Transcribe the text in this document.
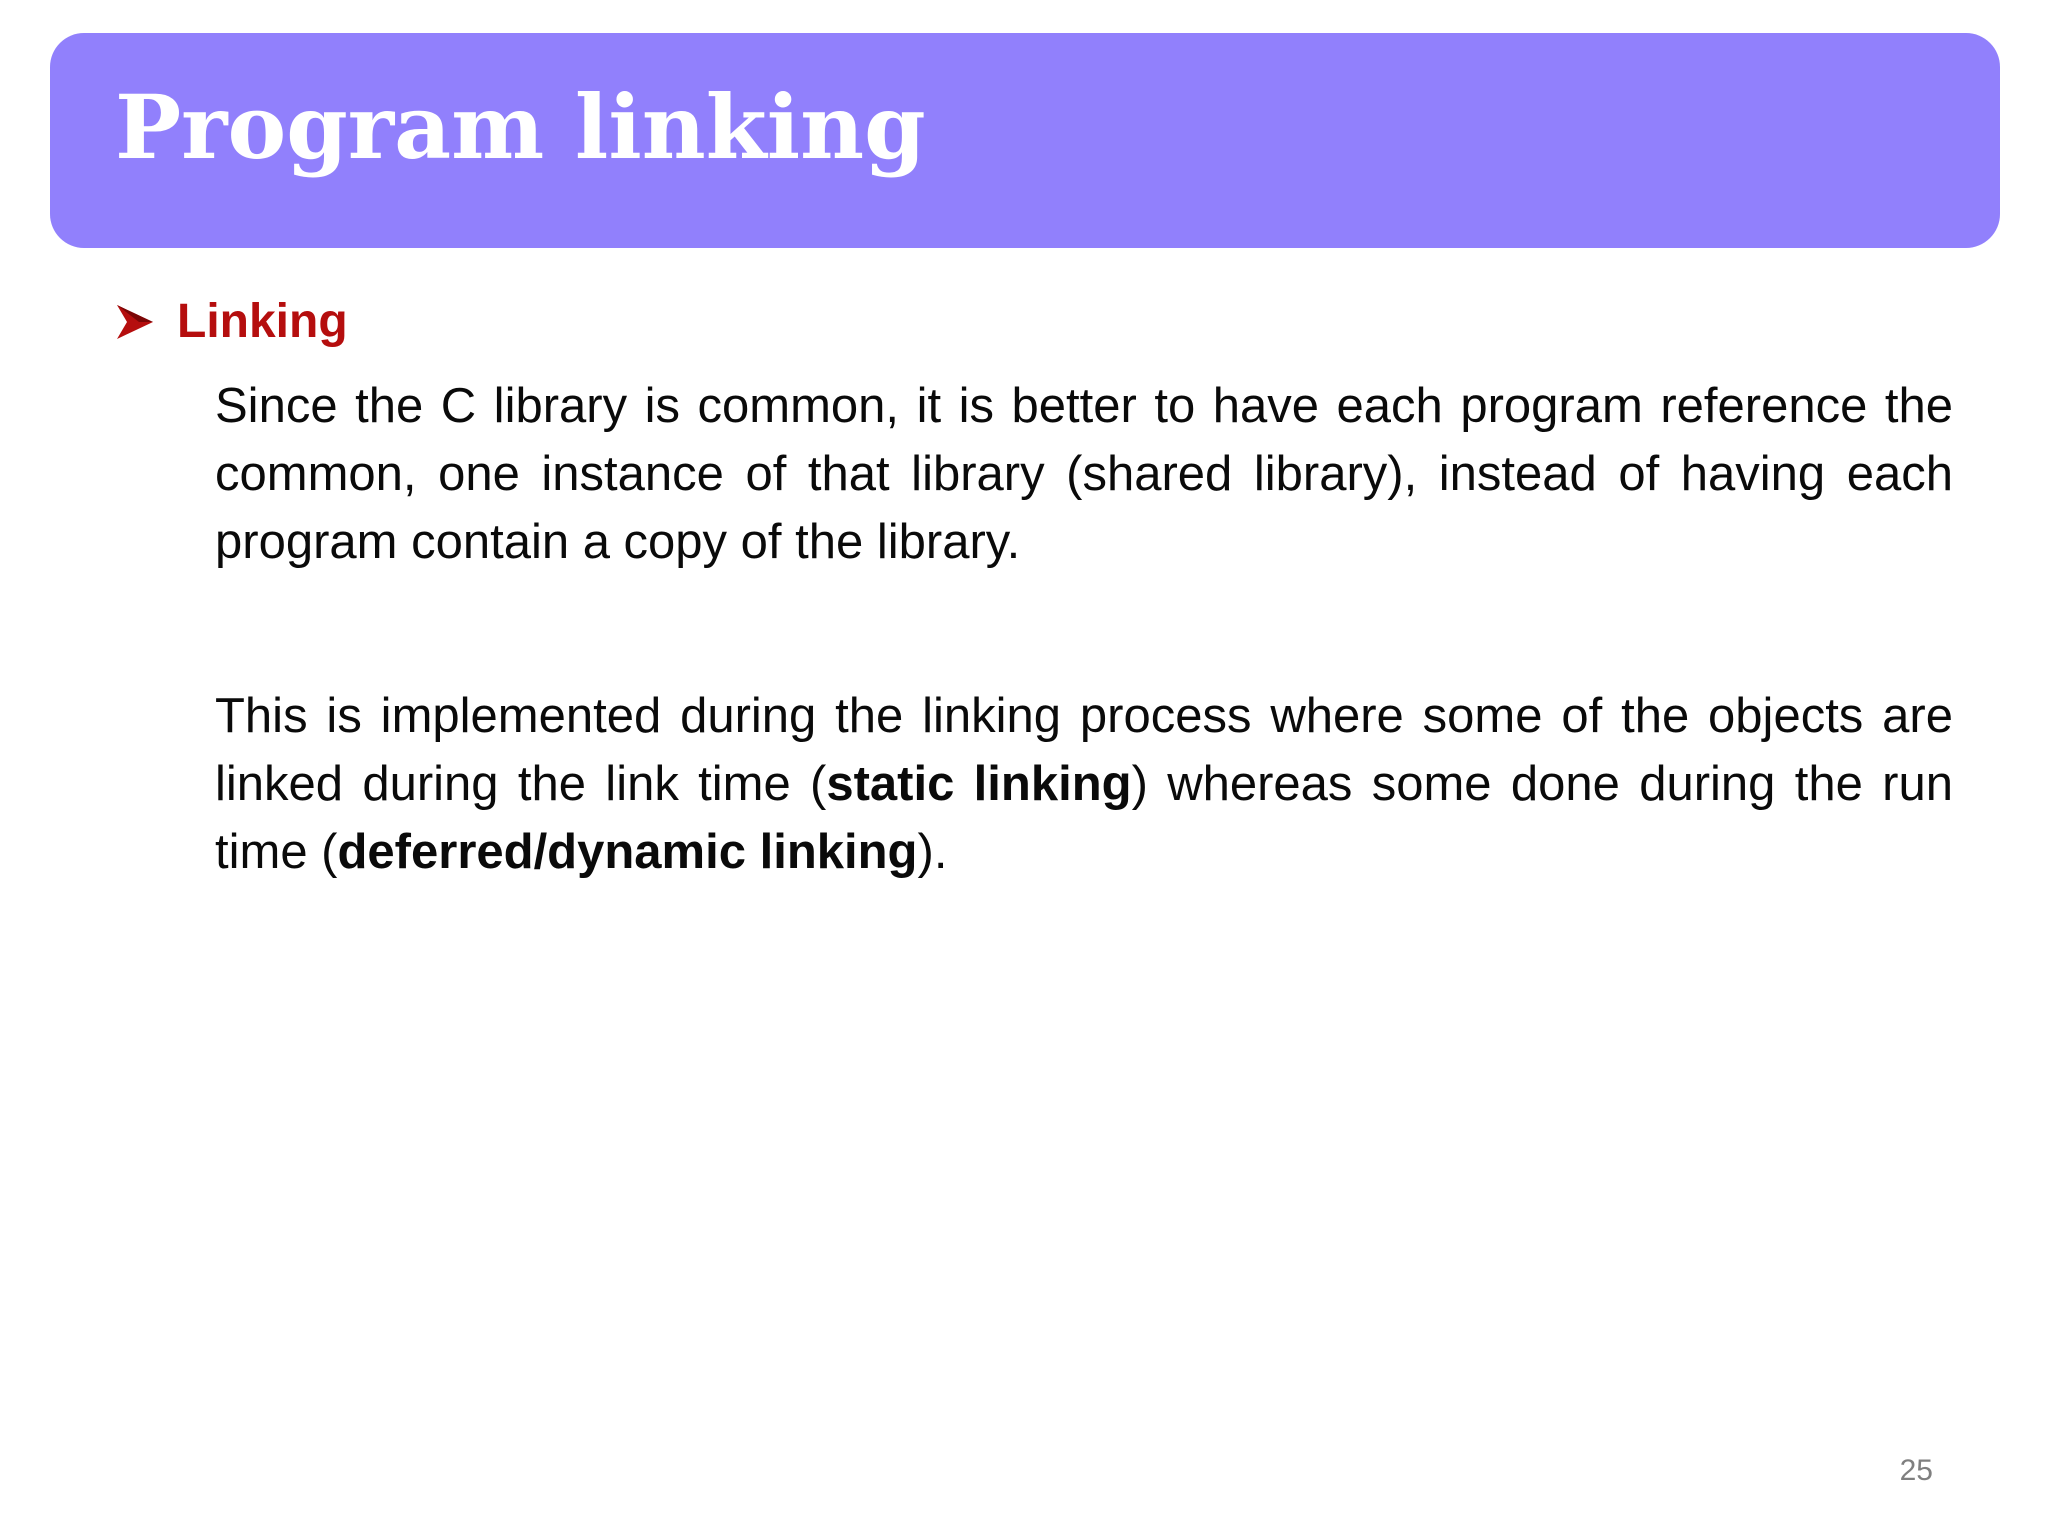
Program linking
Linking

Since the C library is common, it is better to have each program reference the common, one instance of that library (shared library), instead of having each program contain a copy of the library.

This is implemented during the linking process where some of the objects are linked during the link time (static linking) whereas some done during the run time (deferred/dynamic linking).

25
